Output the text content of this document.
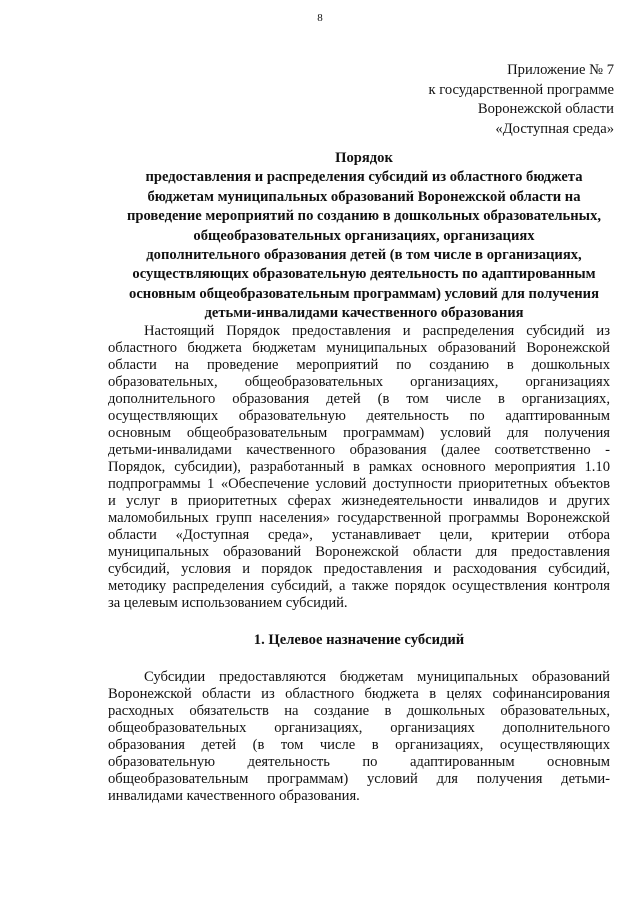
8
Приложение № 7
к государственной программе
Воронежской области
«Доступная среда»
Порядок
предоставления и распределения субсидий из областного бюджета
бюджетам муниципальных образований Воронежской области на
проведение мероприятий по созданию в дошкольных образовательных,
общеобразовательных организациях, организациях
дополнительного образования детей (в том числе в организациях,
осуществляющих образовательную деятельность по адаптированным
основным общеобразовательным программам) условий для получения
детьми-инвалидами качественного образования
Настоящий Порядок предоставления и распределения субсидий из
областного бюджета бюджетам муниципальных образований Воронежской
области на проведение мероприятий по созданию в дошкольных
образовательных, общеобразовательных организациях, организациях
дополнительного образования детей (в том числе в организациях,
осуществляющих образовательную деятельность по адаптированным
основным общеобразовательным программам) условий для получения
детьми-инвалидами качественного образования (далее соответственно -
Порядок, субсидии), разработанный в рамках основного мероприятия 1.10
подпрограммы 1 «Обеспечение условий доступности приоритетных объектов
и услуг в приоритетных сферах жизнедеятельности инвалидов и других
маломобильных групп населения» государственной программы Воронежской
области «Доступная среда», устанавливает цели, критерии отбора
муниципальных образований Воронежской области для предоставления
субсидий, условия и порядок предоставления и расходования субсидий,
методику распределения субсидий, а также порядок осуществления контроля
за целевым использованием субсидий.
1. Целевое назначение субсидий
Субсидии предоставляются бюджетам муниципальных образований
Воронежской области из областного бюджета в целях софинансирования
расходных обязательств на создание в дошкольных образовательных,
общеобразовательных организациях, организациях дополнительного
образования детей (в том числе в организациях, осуществляющих
образовательную деятельность по адаптированным основным
общеобразовательным программам) условий для получения детьми-
инвалидами качественного образования.
